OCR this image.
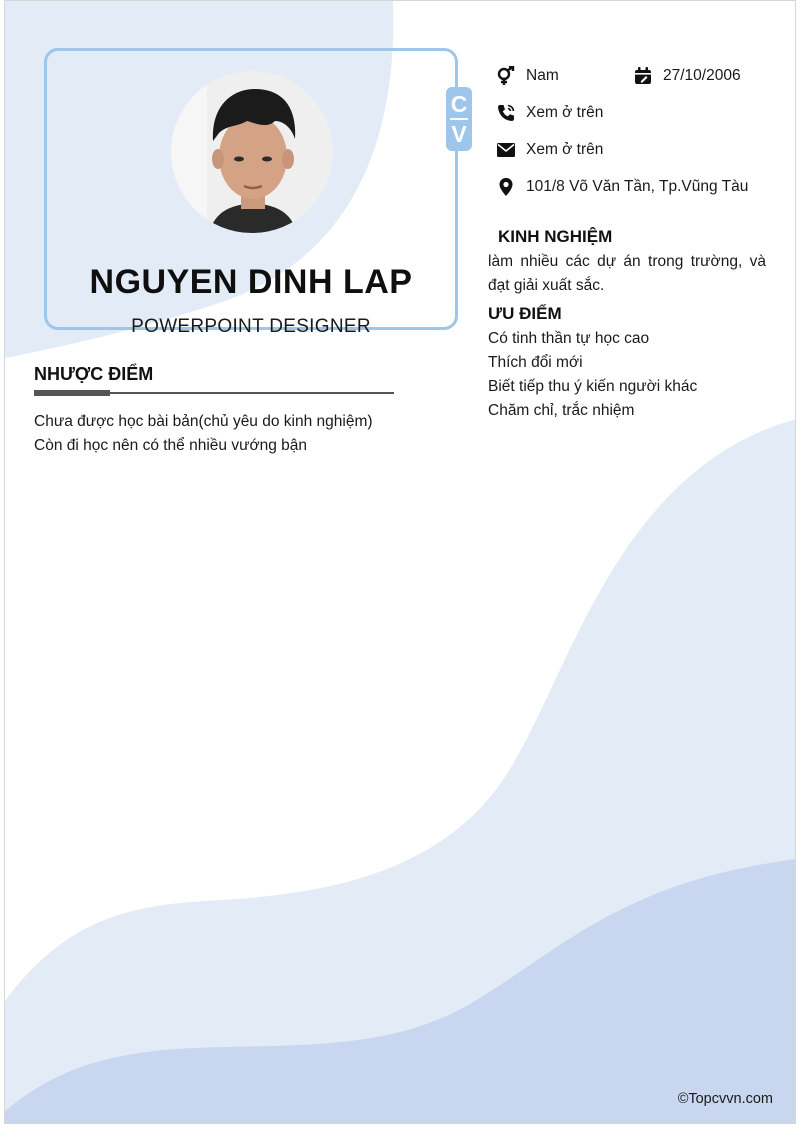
C
V
NGUYEN DINH LAP
POWERPOINT DESIGNER
NHƯỢC ĐIỂM
Chưa được học bài bản(chủ yêu do kinh nghiệm)
Còn đi học nên có thể nhiều vướng bận
Nam	27/10/2006
Xem ở trên
Xem ở trên
101/8 Võ Văn Tần, Tp.Vũng Tàu
KINH NGHIỆM
làm nhiều các dự án trong trường, và đạt giải xuất sắc.
ƯU ĐIỂM
Có tinh thần tự học cao
Thích đổi mới
Biết tiếp thu ý kiến người khác
Chăm chỉ, trắc nhiệm
©Topcvvn.com
